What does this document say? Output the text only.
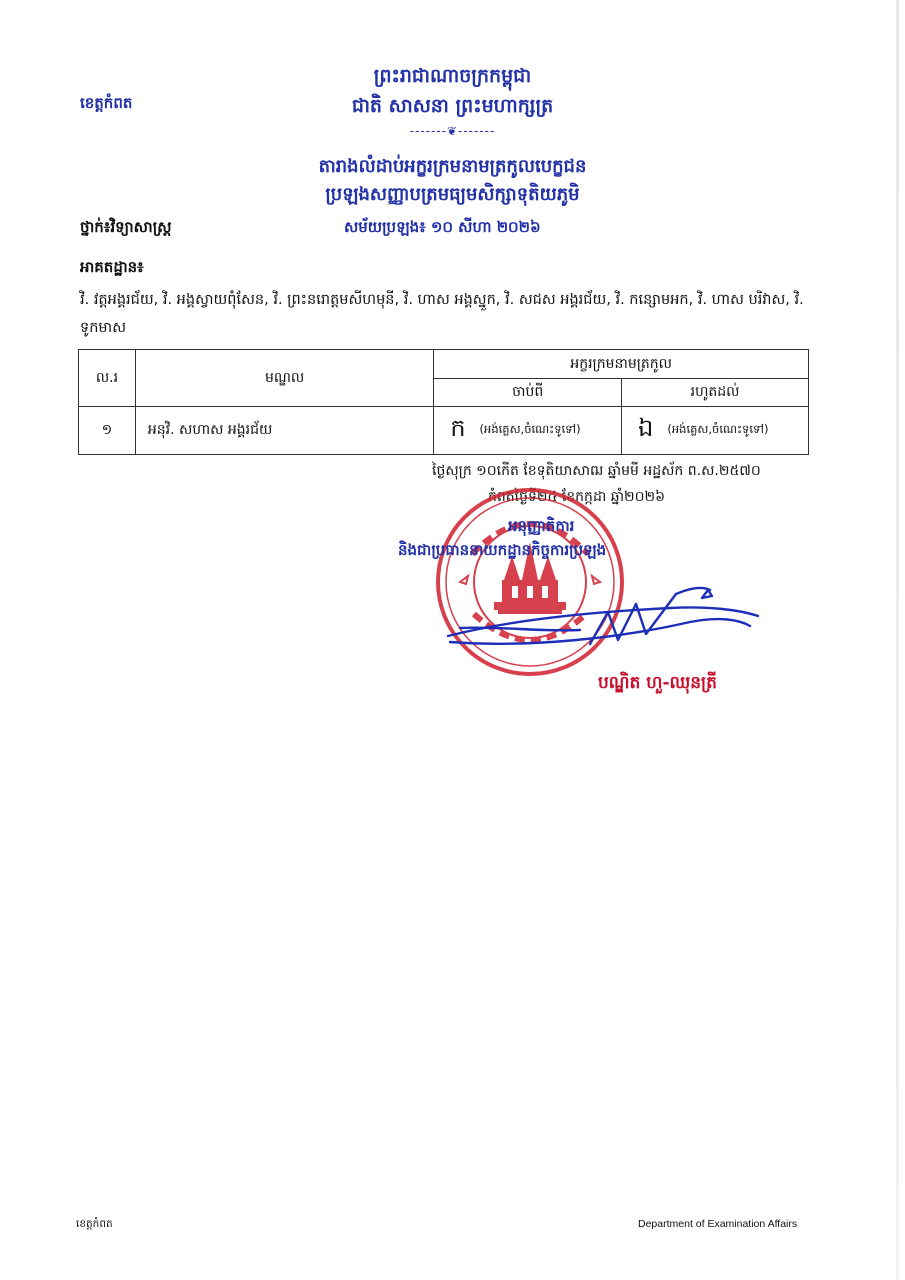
ព្រះរាជាណាចក្រកម្ពុជា
ជាតិ សាសនា ព្រះមហាក្សត្រ
ខេត្តកំពត
-------❦-------
តារាងលំដាប់អក្ខរក្រមនាមត្រកូលបេក្ខជន
ប្រឡងសញ្ញាបត្រមធ្យមសិក្សាទុតិយភូមិ
ថ្នាក់៖វិទ្យាសាស្ត្រ	សម័យប្រឡង៖ ១០ សីហា ២០២៦
អាគតដ្ឋាន៖
វិ. វត្តអង្គរជ័យ, វិ. អង្គស្វាយពុំសែន, វិ. ព្រះនរោត្តមសីហមុនី, វិ. ហាស អង្គស្នួក, វិ. សជស អង្គរជ័យ, វិ. កន្សោមអក, វិ. ហាស បរិវាស, វិ. ទូកមាស
ល.រ	មណ្ឌល	អក្ខរក្រមនាមត្រកូល	
		ចាប់ពី	រហូតដល់
១	អនុវិ. សហាស អង្គរជ័យ	ក (អង់គ្លេស,ចំណេះទូទៅ)	ឯ (អង់គ្លេស,ចំណេះទូទៅ)
ថ្ងៃសុក្រ ១០កើត ខែទុតិយាសាឍ ឆ្នាំមមី អដ្ឋស័ក ព.ស.២៥៧០
កំពតថ្ងៃទី២៤ ខែកក្កដា ឆ្នាំ២០២៦
អនុញ្ញាតិការ
និងជាប្រធាននាយកដ្ឋានកិច្ចការប្រឡង
បណ្ឌិត ហួ-ឈុនត្រី
ខេត្តកំពត	Department of Examination Affairs
